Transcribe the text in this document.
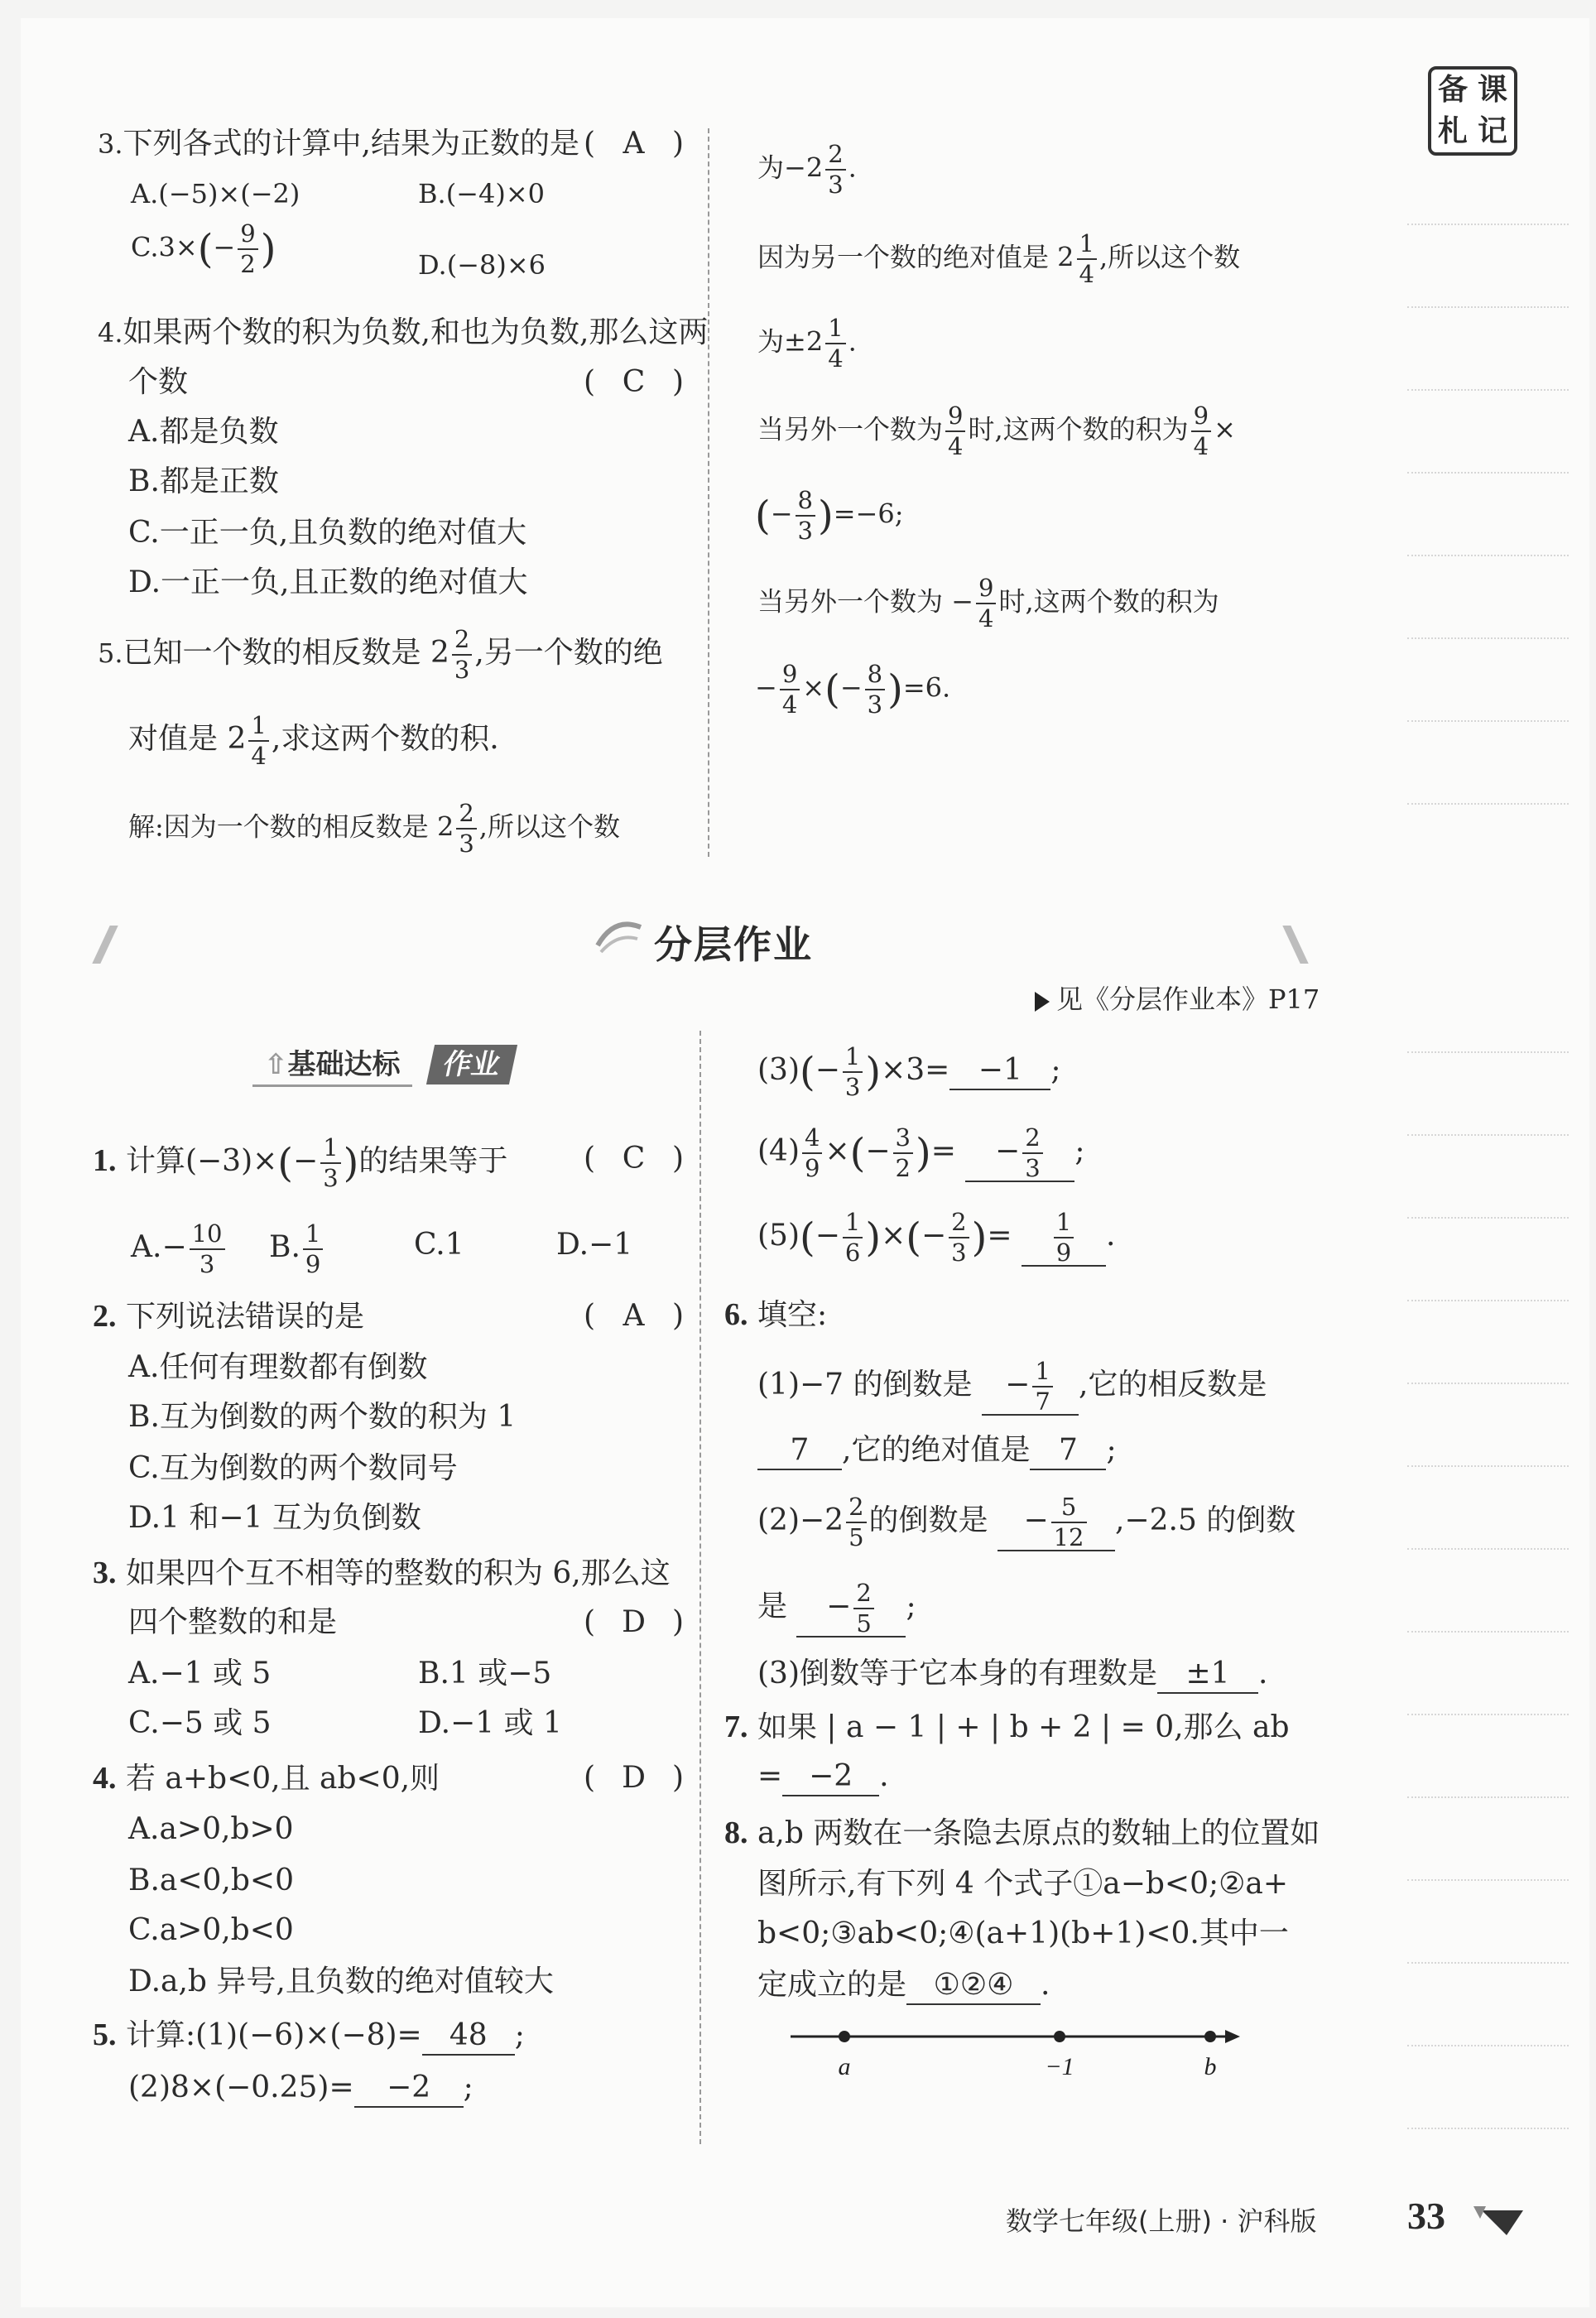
备 课
札 记
3.下列各式的计算中,结果为正数的是 ( A )
A.(−5)×(−2)	B.(−4)×0
$C.3\times(- \frac{9}{2}$ )	D.(−8)×6
4.如果两个数的积为负数,和也为负数,那么这两
个数	( C )
A.都是负数
B.都是正数
C.一正一负,且负数的绝对值大
D.一正一负,且正数的绝对值大
5.已知一个数的相反数是 $2 \frac{2}{3}$ ,另一个数的绝
对值是 $2 \frac{1}{4}$ ,求这两个数的积.
解:因为一个数的相反数是 $2 \frac{2}{3}$ ,所以这个数
为$-2 \frac{2}{3}$ .
因为另一个数的绝对值是 $2 \frac{1}{4}$ ,所以这个数
为$\pm 2 \frac{1}{4}$ .
当另外一个数为 $\frac{9}{4}$ 时,这两个数的积为 $\frac{9}{4}$ ×
(− $\frac{8}{3} )=-6$;
当另外一个数为 − $\frac{9}{4}$ 时,这两个数的积为
− $\frac{9}{4}$ ×(− $\frac{8}{3} )=6$.
分层作业
见《分层作业本》P17
⇧基础达标	作业
1. 计算$(-3)\times(- \frac{1}{3}$ )的结果等于	( C )
$A.- \frac{10}{3} B$. $\frac{1}{9}$	C.1	D.−1
2. 下列说法错误的是	( A )
A.任何有理数都有倒数
B.互为倒数的两个数的积为 1
C.互为倒数的两个数同号
D.1 和−1 互为负倒数
3. 如果四个互不相等的整数的积为 6,那么这
四个整数的和是	( D )
A.−1 或 5	B.1 或−5
C.−5 或 5	D.−1 或 1
4. 若 a+b<0,且 ab<0,则	( D )
A.a>0,b>0
B.a<0,b<0
C.a>0,b<0
D.a,b 异号,且负数的绝对值较大
5. 计算:(1)(−6)×(−8)= 48 ;
(2)8×(−0.25)= −2 ;
$(3)(- \frac{1}{3} )\times 3= -1$ ;
$(4) \frac{4}{9}$ ×(− $\frac{3}{2}$ )= − $\frac{2}{3}$ ;
$(5)(- \frac{1}{6}$ )×(− $\frac{2}{3}$ )= $\frac{1}{9}$ .
6. 填空:
(1)−7 的倒数是 − $\frac{1}{7}$ ,它的相反数是
7 ,它的绝对值是 7 ;
$(2)-2 \frac{2}{5}$ 的倒数是 − $\frac{5}{12} ,-2.5$ 的倒数
是 − $\frac{2}{5}$ ;
(3)倒数等于它本身的有理数是 ±1 .
7. 如果 | a − 1 | + | b + 2 | = 0,那么 ab
= −2 .
8. a,b 两数在一条隐去原点的数轴上的位置如
图所示,有下列 4 个式子①a−b<0;②a+
b<0;③ab<0;④(a+1)(b+1)<0.其中一
定成立的是 ①②④ .
a	−1	b
数学七年级(上册) · 沪科版 33
